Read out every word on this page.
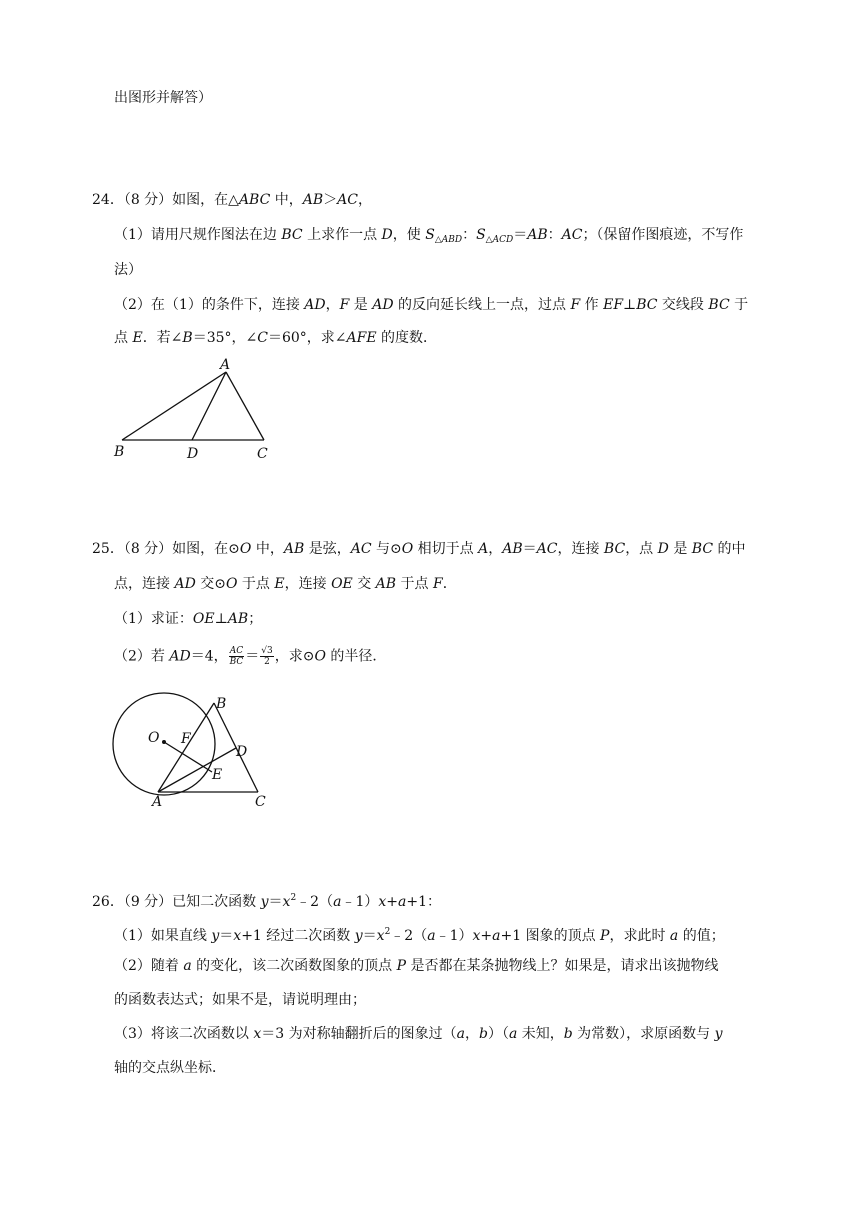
出图形并解答）
24．（8 分）如图，在△ABC 中，AB＞AC，
（1）请用尺规作图法在边 BC 上求作一点 D，使 $S_{\triangle ABD}$：$S_{\triangle ACD}=AB$：AC；（保留作图痕迹，不写作
法）
（2）在（1）的条件下，连接 AD，F 是 AD 的反向延长线上一点，过点 F 作 EF⊥BC 交线段 BC 于
点 E．若∠B＝35°，∠C＝60°，求∠AFE 的度数．
A
B	D	C
25．（8 分）如图，在⊙O 中，AB 是弦，AC 与⊙O 相切于点 A，AB＝AC，连接 BC，点 D 是 BC 的中
点，连接 AD 交⊙O 于点 E，连接 OE 交 AB 于点 F．
（1）求证：OE⊥AB；
（2）若 AD＝4， $\frac{AC}{BC} = \frac{√3}{2}$ ，求⊙O 的半径．
O F
B
D
E
A	C
26．（9 分）已知二次函数 $y=x^2﹣2(a﹣1)x+a+1$：
（1）如果直线 y＝x+1 经过二次函数 $y=x^2﹣2(a﹣1)x+a+1$ 图象的顶点 P，求此时 a 的值；
（2）随着 a 的变化，该二次函数图象的顶点 P 是否都在某条抛物线上？如果是，请求出该抛物线
的函数表达式；如果不是，请说明理由；
（3）将该二次函数以 x＝3 为对称轴翻折后的图象过（a，b）（a 未知，b 为常数），求原函数与 y
轴的交点纵坐标．
